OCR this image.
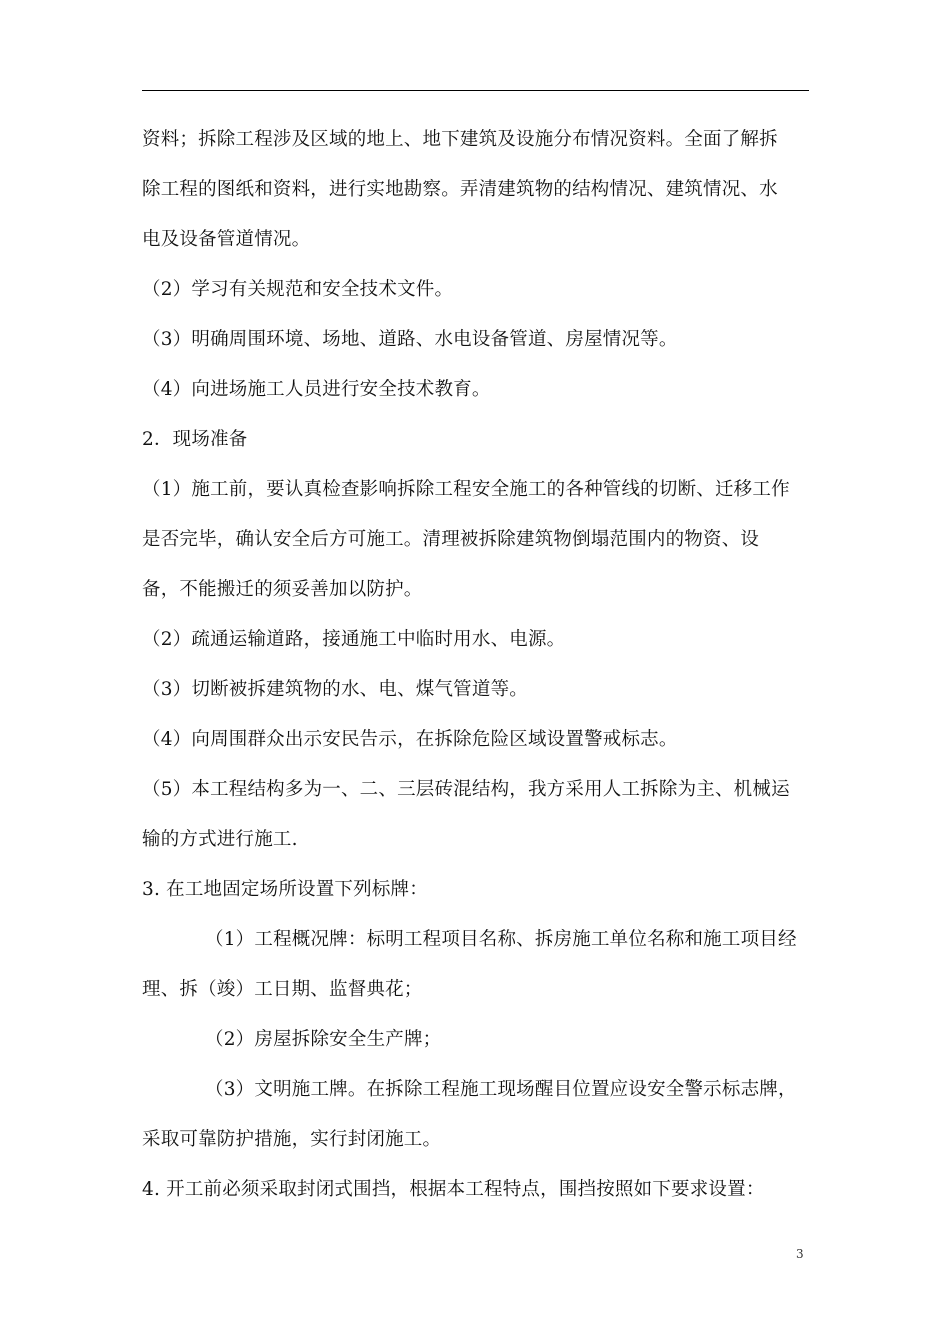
资料；拆除工程涉及区域的地上、地下建筑及设施分布情况资料。全面了解拆
除工程的图纸和资料，进行实地勘察。弄清建筑物的结构情况、建筑情况、水
电及设备管道情况。
（2）学习有关规范和安全技术文件。
（3）明确周围环境、场地、道路、水电设备管道、房屋情况等。
（4）向进场施工人员进行安全技术教育。
2．现场准备
（1）施工前，要认真检查影响拆除工程安全施工的各种管线的切断、迁移工作
是否完毕，确认安全后方可施工。清理被拆除建筑物倒塌范围内的物资、设
备，不能搬迁的须妥善加以防护。
（2）疏通运输道路，接通施工中临时用水、电源。
（3）切断被拆建筑物的水、电、煤气管道等。
（4）向周围群众出示安民告示，在拆除危险区域设置警戒标志。
（5）本工程结构多为一、二、三层砖混结构，我方采用人工拆除为主、机械运
输的方式进行施工.
3. 在工地固定场所设置下列标牌：
（1）工程概况牌：标明工程项目名称、拆房施工单位名称和施工项目经
理、拆（竣）工日期、监督典花；
（2）房屋拆除安全生产牌；
（3）文明施工牌。在拆除工程施工现场醒目位置应设安全警示标志牌，
采取可靠防护措施，实行封闭施工。
4. 开工前必须采取封闭式围挡，根据本工程特点，围挡按照如下要求设置：
3
